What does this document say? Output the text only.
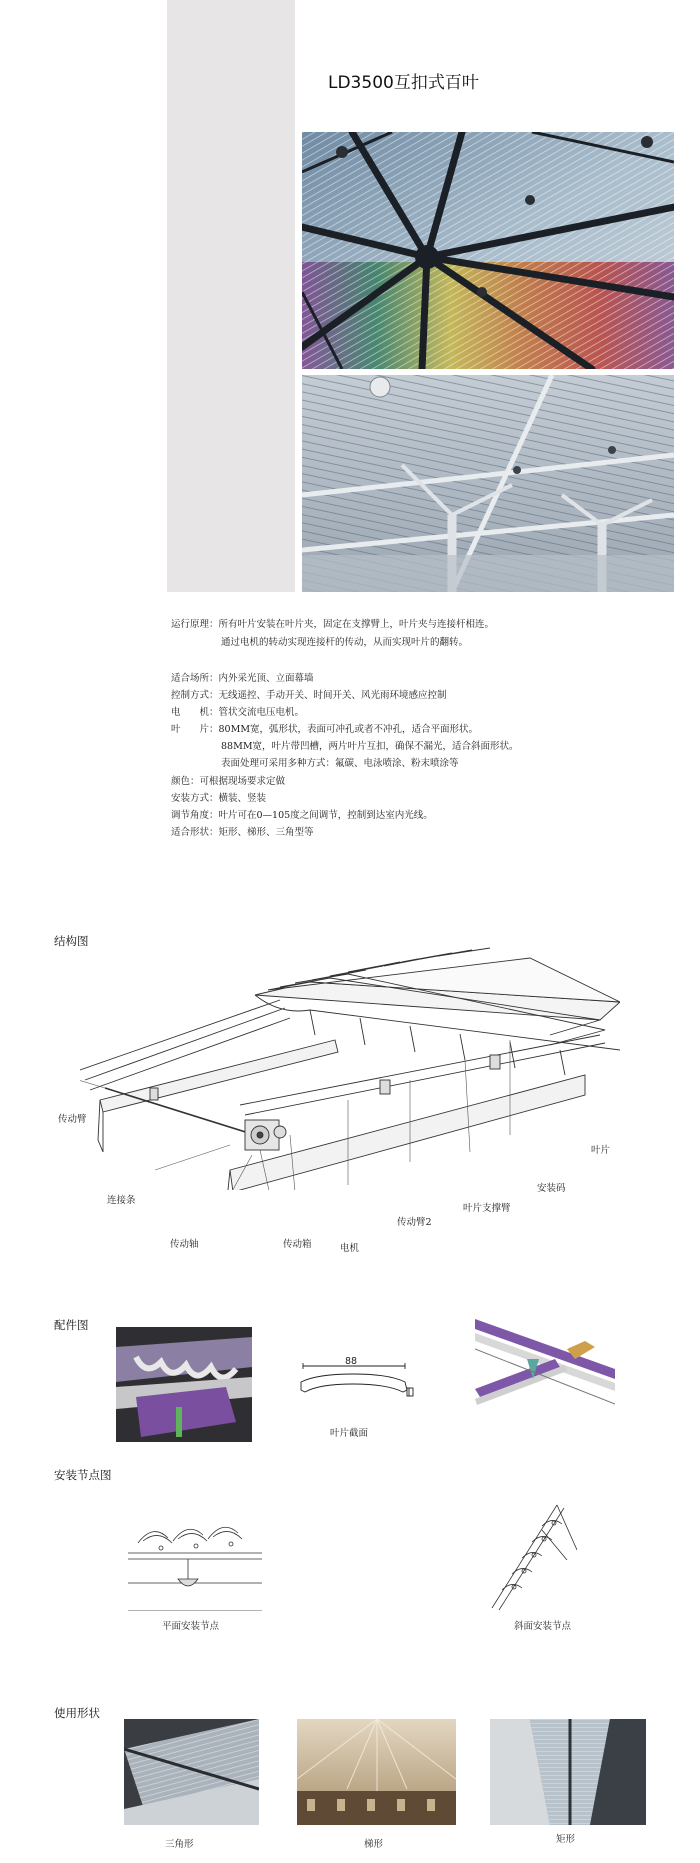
LD3500互扣式百叶
运行原理：所有叶片安装在叶片夹，固定在支撑臂上，叶片夹与连接杆相连。
通过电机的转动实现连接杆的传动，从而实现叶片的翻转。
适合场所：内外采光顶、立面幕墙
控制方式：无线遥控、手动开关、时间开关、风光雨环境感应控制
电　　机：管状交流电压电机。
叶　　片：80MM宽，弧形状，表面可冲孔或者不冲孔，适合平面形状。
88MM宽，叶片带凹槽，两片叶片互扣，确保不漏光，适合斜面形状。
表面处理可采用多种方式：氟碳、电泳喷涂、粉末喷涂等
颜色：可根据现场要求定做
安装方式：横装、竖装
调节角度：叶片可在0—105度之间调节，控制到达室内光线。
适合形状：矩形、梯形、三角型等
结构图
传动臂
连接条
传动轴	传动箱	电机
传动臂2
叶片支撑臂
安装码
叶片
配件图
88
叶片截面
安装节点图
平面安装节点	斜面安装节点
使用形状
三角形	梯形	矩形
